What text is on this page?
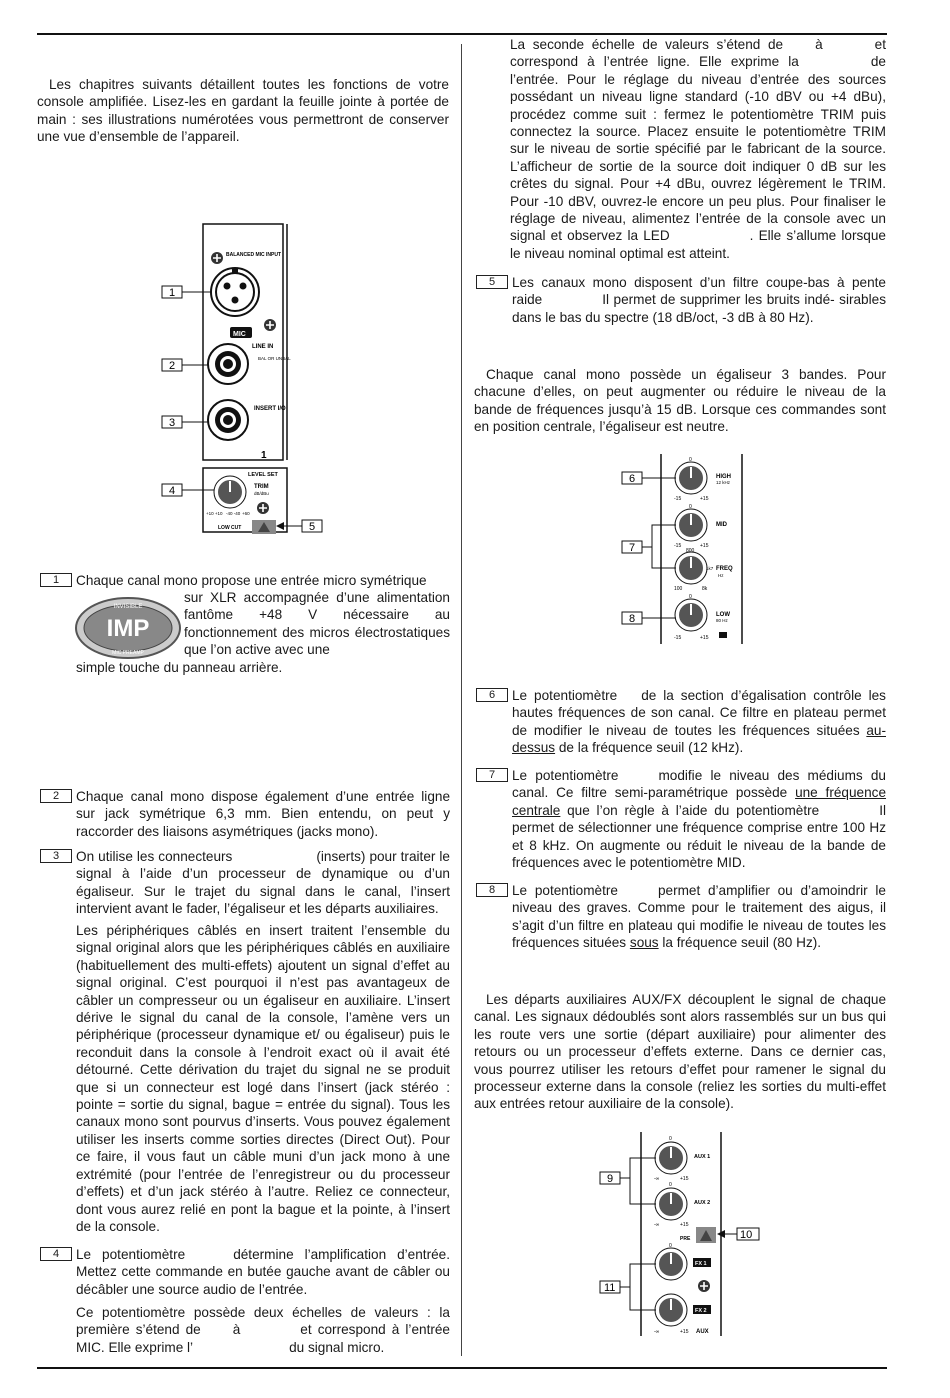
Les chapitres suivants détaillent toutes les fonctions de votre console amplifiée. Lisez-les en gardant la feuille jointe à portée de main : ses illustrations numérotées vous permettront de conserver une vue d’ensemble de l’appareil.

BALANCED MIC INPUT
MIC
LINE IN
BAL OR UNBAL
INSERT I/O
1
LEVEL SET
TRIM
dB/dBu
+10 +10 -40 -40 +60
LOW CUT
1
2
3
4
5
1	Chaque canal mono propose une entrée micro symétrique
IMP
INVISIBLE
MIC PREAMP
sur XLR accompagnée d’une alimentation fantôme +48 V nécessaire au fonctionnement des micros électrostatiques que l’on active avec une
simple touche du panneau arrière.
2	Chaque canal mono dispose également d’une entrée ligne sur jack symétrique 6,3 mm. Bien entendu, on peut y raccorder des liaisons asymétriques (jacks mono).
3	On utilise les connecteurs	(inserts) pour traiter le signal à l’aide d’un processeur de dynamique ou d’un égaliseur. Sur le trajet du signal dans le canal, l’insert intervient avant le fader, l’égaliseur et les départs auxiliaires.
Les périphériques câblés en insert traitent l’ensemble du signal original alors que les périphériques câblés en auxiliaire (habituellement des multi-effets) ajoutent un signal d’effet au signal original. C’est pourquoi il n’est pas avantageux de câbler un compresseur ou un égaliseur en auxiliaire. L’insert dérive le signal du canal de la console, l’amène vers un périphérique (processeur dynamique et/ ou égaliseur) puis le reconduit dans la console à l’endroit exact où il avait été détourné. Cette dérivation du trajet du signal ne se produit que si un connecteur est logé dans l’insert (jack stéréo : pointe = sortie du signal, bague = entrée du signal). Tous les canaux mono sont pourvus d’inserts. Vous pouvez également utiliser les inserts comme sorties directes (Direct Out). Pour ce faire, il vous faut un câble muni d’un jack mono à une extrémité (pour l’entrée de l’enregistreur ou du processeur d’effets) et d’un jack stéréo à l’autre. Reliez ce connecteur, dont vous aurez relié en pont la bague et la pointe, à l’insert de la console.
4	Le potentiomètre	détermine l’amplification d’entrée. Mettez cette commande en butée gauche avant de câbler ou décâbler une source audio de l’entrée.
Ce potentiomètre possède deux échelles de valeurs : la première s’étend de à	et correspond à l’entrée MIC. Elle exprime l’	du signal micro.
La seconde échelle de valeurs s’étend de à	et correspond à l’entrée ligne. Elle exprime la	de l’entrée. Pour le réglage du niveau d’entrée des sources possédant un niveau ligne standard (-10 dBV ou +4 dBu), procédez comme suit : fermez le potentiomètre TRIM puis connectez la source. Placez ensuite le potentiomètre TRIM sur le niveau de sortie spécifié par le fabricant de la source. L’afficheur de sortie de la source doit indiquer 0 dB sur les crêtes du signal. Pour +4 dBu, ouvrez légèrement le TRIM. Pour -10 dBV, ouvrez-le encore un peu plus. Pour finaliser le réglage de niveau, alimentez l’entrée de la console avec un signal et observez la LED	. Elle s’allume lorsque le niveau nominal optimal est atteint.
5	Les canaux mono disposent d’un filtre coupe-bas à pente raide	Il permet de supprimer les bruits indé- sirables dans le bas du spectre (18 dB/oct, -3 dB à 80 Hz).

Chaque canal mono possède un égaliseur 3 bandes. Pour chacune d’elles, on peut augmenter ou réduire le niveau de la bande de fréquences jusqu’à 15 dB. Lorsque ces commandes sont en position centrale, l’égaliseur est neutre.

0
-15	+15
HIGH
12 kHz
0
-15	+15
MID
800
1k7
100	8k
FREQ
Hz
0
-15	+15
LOW
80 Hz
6
7
8
6	Le potentiomètre de la section d’égalisation contrôle les hautes fréquences de son canal. Ce filtre en plateau permet de modifier le niveau de toutes les fréquences situées au- dessus de la fréquence seuil (12 kHz).
7	Le potentiomètre	modifie le niveau des médiums du canal. Ce filtre semi-paramétrique possède une fréquence centrale que l’on règle à l’aide du potentiomètre	Il permet de sélectionner une fréquence comprise entre 100 Hz et 8 kHz. On augmente ou réduit le niveau de la bande de fréquences avec le potentiomètre MID.
8	Le potentiomètre	permet d’amplifier ou d’amoindrir le niveau des graves. Comme pour le traitement des aigus, il s’agit d’un filtre en plateau qui modifie le niveau de toutes les fréquences situées sous la fréquence seuil (80 Hz).

Les départs auxiliaires AUX/FX découplent le signal de chaque canal. Les signaux dédoublés sont alors rassemblés sur un bus qui les route vers une sortie (départ auxiliaire) pour alimenter des retours ou un processeur d’effets externe. Dans ce dernier cas, vous pourrez utiliser les retours d’effet pour ramener le signal du processeur externe dans la console (reliez les sorties du multi-effet aux entrées retour auxiliaire de la console).

0
-∞	+15
AUX 1
0
-∞	+15
AUX 2
PRE
0
FX 1
FX 2
-∞	+15 AUX
9
10
11
